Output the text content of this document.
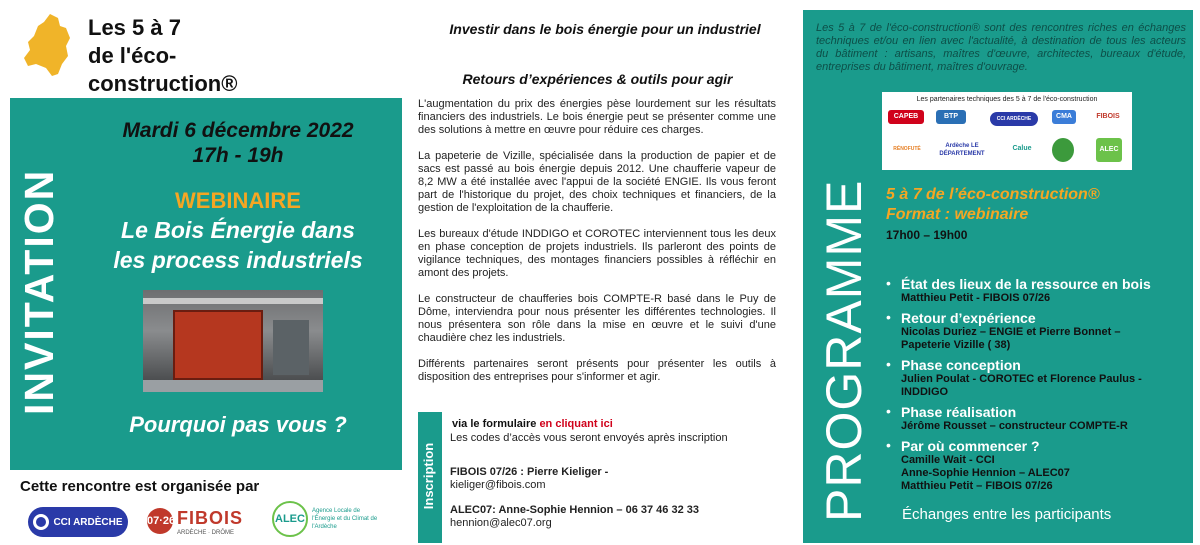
Les 5 à 7
de l'éco-
construction®
INVITATION
Mardi 6 décembre 2022
17h - 19h
WEBINAIRE
Le Bois Énergie dans
les process industriels
Pourquoi pas vous ?
Cette rencontre est organisée par
CCI ARDÈCHE 07·26 FIBOIS
ARDÈCHE · DRÔME
ALEC
Agence Locale de l'Énergie et du Climat de l'Ardèche
Investir dans le bois énergie pour un industriel
Retours d’expériences & outils pour agir

L'augmentation du prix des énergies pèse lourdement sur les résultats financiers des industriels. Le bois énergie peut se présenter comme une des solutions à mettre en œuvre pour réduire ces charges.

La papeterie de Vizille, spécialisée dans la production de papier et de sacs est passé au bois énergie depuis 2012. Une chaufferie vapeur de 8,2 MW a été installée avec l'appui de la société ENGIE. Ils vous feront part de l'historique du projet, des choix techniques et financiers, de la gestion de l'exploitation de la chaufferie.

Les bureaux d'étude INDDIGO et COROTEC interviennent tous les deux en phase conception de projets industriels. Ils parleront des points de vigilance techniques, des montages financiers possibles à réfléchir en amont des projets.

Le constructeur de chaufferies bois COMPTE-R basé dans le Puy de Dôme, interviendra pour nous présenter les différentes technologies. Il nous présentera son rôle dans la mise en œuvre et le suivi d'une chaudière chez les industriels.

Différents partenaires seront présents pour présenter les outils à disposition des entreprises pour s'informer et agir.

Inscription
via le formulaire en cliquant ici
Les codes d’accès vous seront envoyés après inscription
FIBOIS 07/26 : Pierre Kieliger -
kieliger@fibois.com
ALEC07: Anne-Sophie Hennion – 06 37 46 32 33
hennion@alec07.org
Les 5 à 7 de l'éco-construction® sont des rencontres riches en échanges techniques et/ou en lien avec l'actualité, à destination de tous les acteurs du bâtiment : artisans, maîtres d'œuvre, architectes, bureaux d'étude, entreprises du bâtiment, maîtres d'ouvrage.
Les partenaires techniques des 5 à 7 de l'éco-construction
CAPEB	BTP	CCI ARDÈCHE	CMA	FIBOIS
RÉNOFUTÉ	Ardèche LE DÉPARTEMENT
Calue	ALEC
PROGRAMME 5 à 7 de l’éco-construction®
Format : webinaire
17h00 – 19h00
• État des lieux de la ressource en bois
Matthieu Petit - FIBOIS 07/26
• Retour d’expérience
Nicolas Duriez – ENGIE et Pierre Bonnet –
Papeterie Vizille ( 38)
• Phase conception
Julien Poulat - COROTEC et Florence Paulus -
INDDIGO
• Phase réalisation
Jérôme Rousset – constructeur COMPTE-R
• Par où commencer ?
Camille Wait - CCI
Anne-Sophie Hennion – ALEC07
Matthieu Petit – FIBOIS 07/26
Échanges entre les participants
